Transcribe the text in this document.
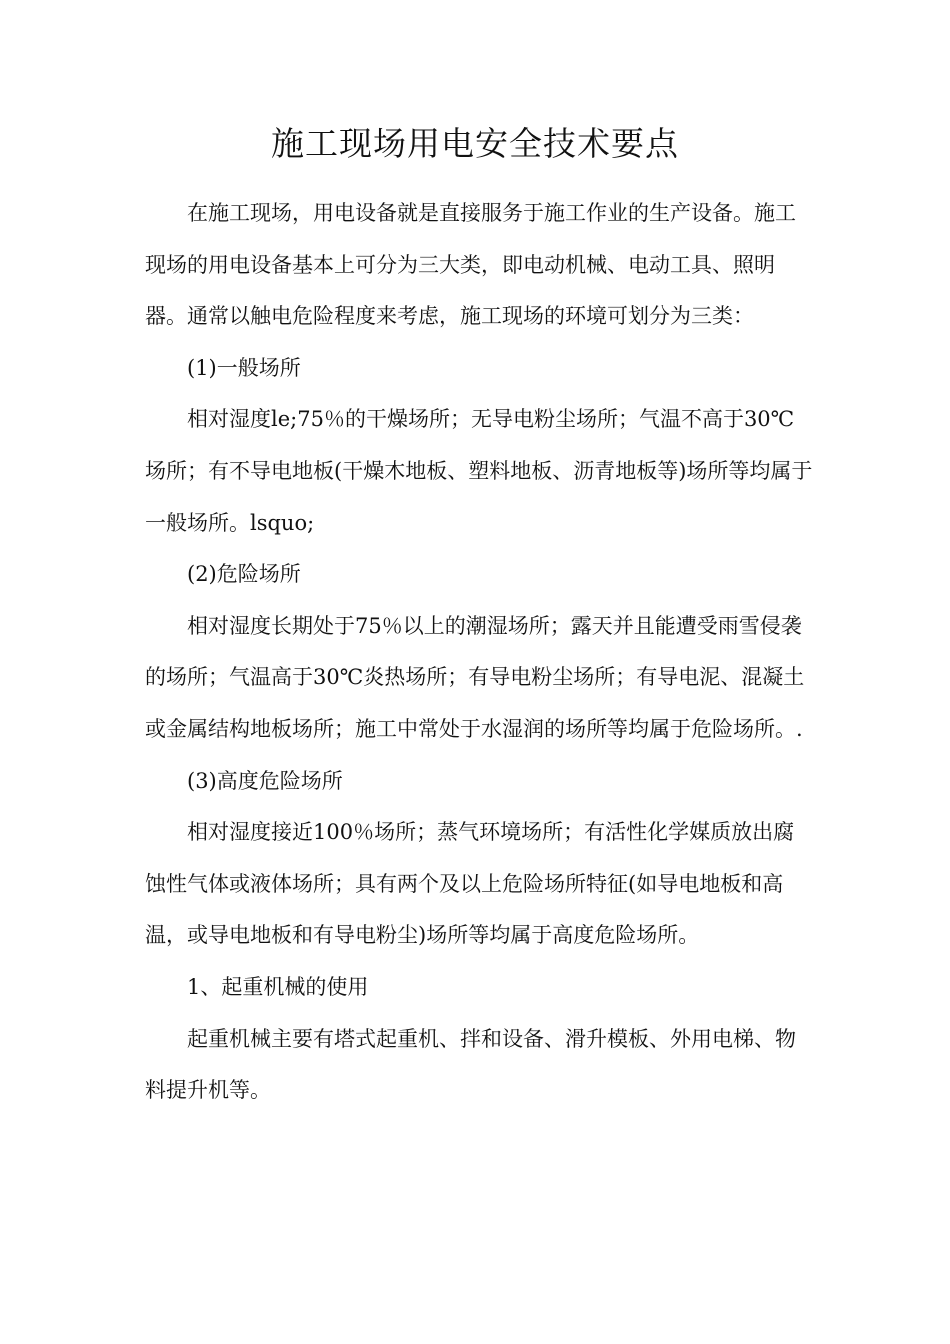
施工现场用电安全技术要点

在施工现场，用电设备就是直接服务于施工作业的生产设备。施工现场的用电设备基本上可分为三大类，即电动机械、电动工具、照明器。通常以触电危险程度来考虑，施工现场的环境可划分为三类：

(1)一般场所

相对湿度le;75％的干燥场所；无导电粉尘场所；气温不高于30℃场所；有不导电地板(干燥木地板、塑料地板、沥青地板等)场所等均属于一般场所。lsquo;

(2)危险场所

相对湿度长期处于75％以上的潮湿场所；露天并且能遭受雨雪侵袭的场所；气温高于30℃炎热场所；有导电粉尘场所；有导电泥、混凝土或金属结构地板场所；施工中常处于水湿润的场所等均属于危险场所。.

(3)高度危险场所

相对湿度接近100％场所；蒸气环境场所；有活性化学媒质放出腐蚀性气体或液体场所；具有两个及以上危险场所特征(如导电地板和高温，或导电地板和有导电粉尘)场所等均属于高度危险场所。

1、起重机械的使用

起重机械主要有塔式起重机、拌和设备、滑升模板、外用电梯、物料提升机等。
